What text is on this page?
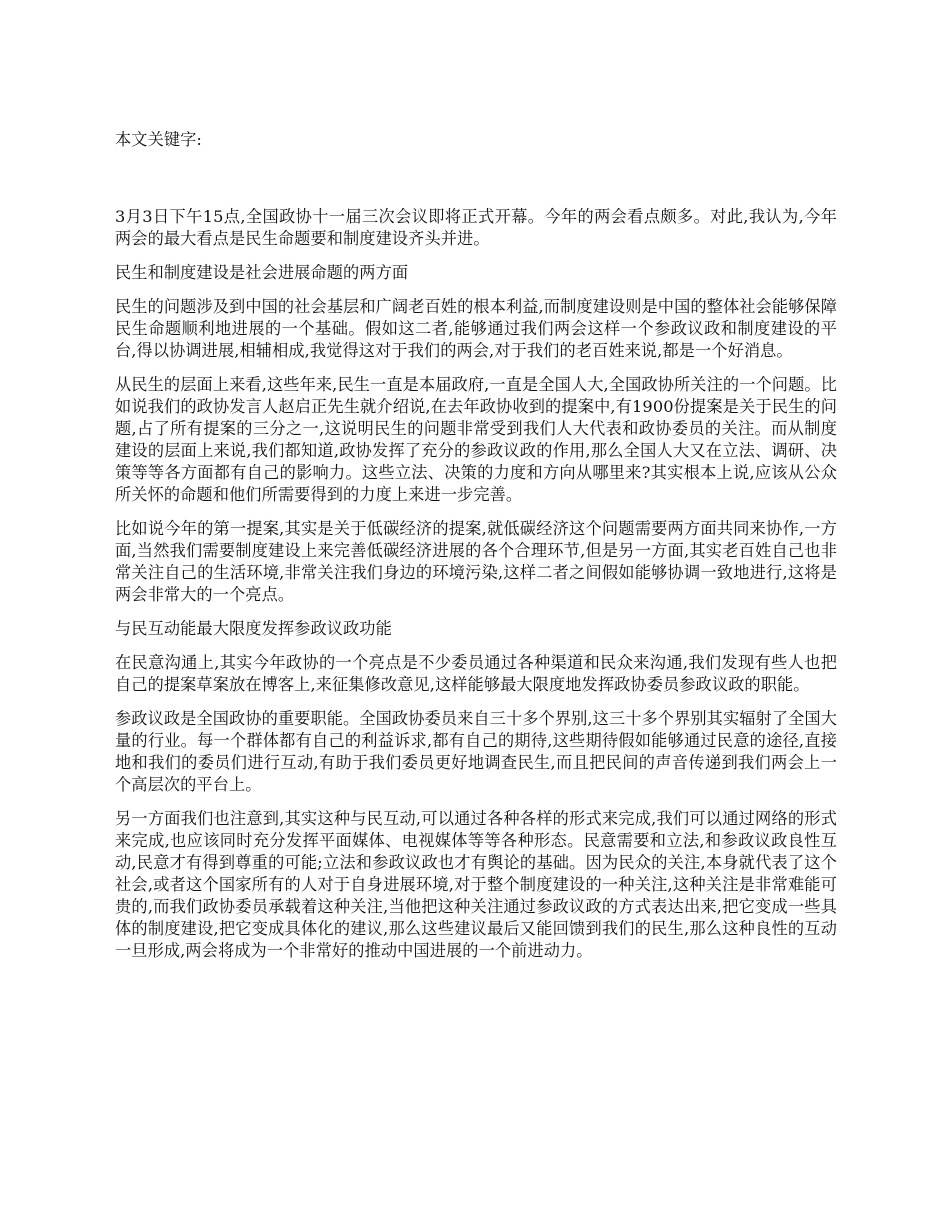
本文关键字:

3月3日下午15点,全国政协十一届三次会议即将正式开幕。今年的两会看点颇多。对此,我认为,今年两会的最大看点是民生命题要和制度建设齐头并进。

民生和制度建设是社会进展命题的两方面

民生的问题涉及到中国的社会基层和广阔老百姓的根本利益,而制度建设则是中国的整体社会能够保障民生命题顺利地进展的一个基础。假如这二者,能够通过我们两会这样一个参政议政和制度建设的平台,得以协调进展,相辅相成,我觉得这对于我们的两会,对于我们的老百姓来说,都是一个好消息。

从民生的层面上来看,这些年来,民生一直是本届政府,一直是全国人大,全国政协所关注的一个问题。比如说我们的政协发言人赵启正先生就介绍说,在去年政协收到的提案中,有1900份提案是关于民生的问题,占了所有提案的三分之一,这说明民生的问题非常受到我们人大代表和政协委员的关注。而从制度建设的层面上来说,我们都知道,政协发挥了充分的参政议政的作用,那么全国人大又在立法、调研、决策等等各方面都有自己的影响力。这些立法、决策的力度和方向从哪里来?其实根本上说,应该从公众所关怀的命题和他们所需要得到的力度上来进一步完善。

比如说今年的第一提案,其实是关于低碳经济的提案,就低碳经济这个问题需要两方面共同来协作,一方面,当然我们需要制度建设上来完善低碳经济进展的各个合理环节,但是另一方面,其实老百姓自己也非常关注自己的生活环境,非常关注我们身边的环境污染,这样二者之间假如能够协调一致地进行,这将是两会非常大的一个亮点。

与民互动能最大限度发挥参政议政功能

在民意沟通上,其实今年政协的一个亮点是不少委员通过各种渠道和民众来沟通,我们发现有些人也把自己的提案草案放在博客上,来征集修改意见,这样能够最大限度地发挥政协委员参政议政的职能。

参政议政是全国政协的重要职能。全国政协委员来自三十多个界别,这三十多个界别其实辐射了全国大量的行业。每一个群体都有自己的利益诉求,都有自己的期待,这些期待假如能够通过民意的途径,直接地和我们的委员们进行互动,有助于我们委员更好地调查民生,而且把民间的声音传递到我们两会上一个高层次的平台上。

另一方面我们也注意到,其实这种与民互动,可以通过各种各样的形式来完成,我们可以通过网络的形式来完成,也应该同时充分发挥平面媒体、电视媒体等等各种形态。民意需要和立法,和参政议政良性互动,民意才有得到尊重的可能;立法和参政议政也才有舆论的基础。因为民众的关注,本身就代表了这个社会,或者这个国家所有的人对于自身进展环境,对于整个制度建设的一种关注,这种关注是非常难能可贵的,而我们政协委员承载着这种关注,当他把这种关注通过参政议政的方式表达出来,把它变成一些具体的制度建设,把它变成具体化的建议,那么这些建议最后又能回馈到我们的民生,那么这种良性的互动一旦形成,两会将成为一个非常好的推动中国进展的一个前进动力。
